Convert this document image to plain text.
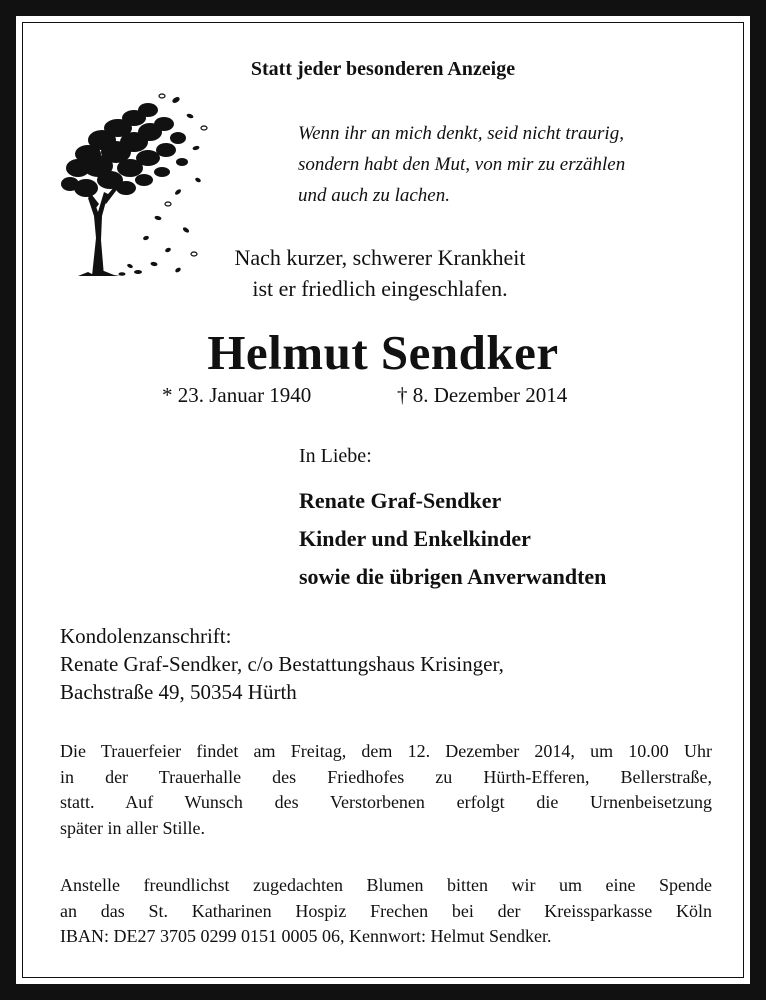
Statt jeder besonderen Anzeige
Wenn ihr an mich denkt, seid nicht traurig,
sondern habt den Mut, von mir zu erzählen
und auch zu lachen.
Nach kurzer, schwerer Krankheit
ist er friedlich eingeschlafen.
Helmut Sendker
* 23. Januar 1940	† 8. Dezember 2014
In Liebe:
Renate Graf-Sendker
Kinder und Enkelkinder
sowie die übrigen Anverwandten
Kondolenzanschrift:
Renate Graf-Sendker, c/o Bestattungshaus Krisinger,
Bachstraße 49, 50354 Hürth
Die Trauerfeier findet am Freitag, dem 12. Dezember 2014, um 10.00 Uhr
in der Trauerhalle des Friedhofes zu Hürth-Efferen, Bellerstraße,
statt. Auf Wunsch des Verstorbenen erfolgt die Urnenbeisetzung
später in aller Stille.
Anstelle freundlichst zugedachten Blumen bitten wir um eine Spende
an das St. Katharinen Hospiz Frechen bei der Kreissparkasse Köln
IBAN: DE27 3705 0299 0151 0005 06, Kennwort: Helmut Sendker.
